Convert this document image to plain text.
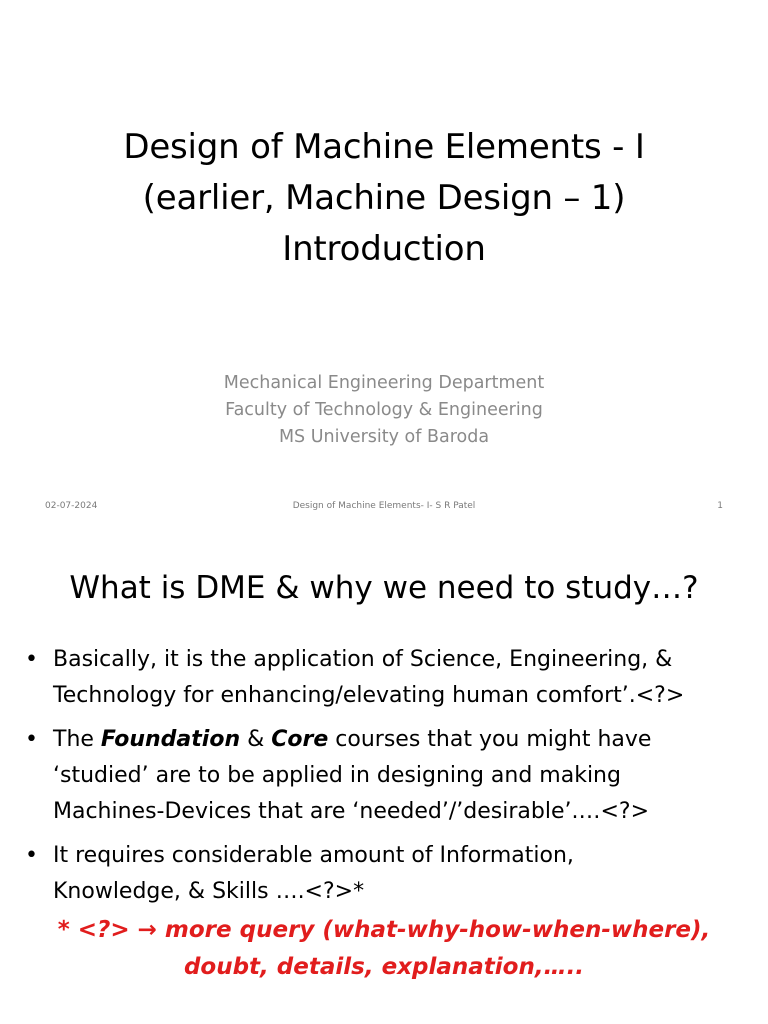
Design of Machine Elements - I
(earlier, Machine Design – 1)
Introduction
Mechanical Engineering Department
Faculty of Technology & Engineering
MS University of Baroda
02-07-2024	Design of Machine Elements- I- S R Patel	1
What is DME & why we need to study…?
• Basically, it is the application of Science, Engineering, &
Technology for enhancing/elevating human comfort’.<?>
• The Foundation & Core courses that you might have
‘studied’ are to be applied in designing and making
Machines-Devices that are ‘needed’/’desirable’.…<?>
• It requires considerable amount of Information,
Knowledge, & Skills ….<?>*
* <?> → more query (what-why-how-when-where),
doubt, details, explanation,…..
